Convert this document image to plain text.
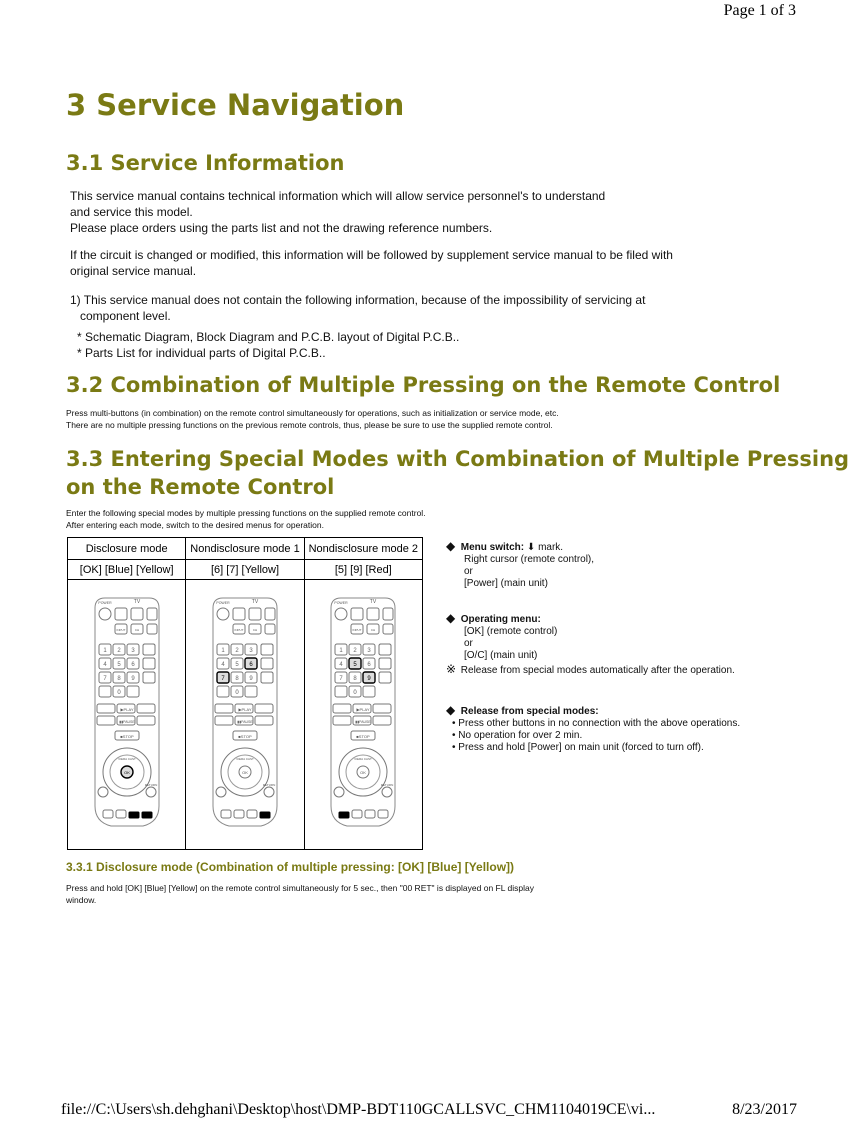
Page 1 of 3
3 Service Navigation
3.1 Service Information
This service manual contains technical information which will allow service personnel's to understand
and service this model.
Please place orders using the parts list and not the drawing reference numbers.
If the circuit is changed or modified, this information will be followed by supplement service manual to be filed with
original service manual.
1) This service manual does not contain the following information, because of the impossibility of servicing at
component level.
* Schematic Diagram, Block Diagram and P.C.B. layout of Digital P.C.B..
* Parts List for individual parts of Digital P.C.B..
3.2 Combination of Multiple Pressing on the Remote Control
Press multi-buttons (in combination) on the remote control simultaneously for operations, such as initialization or service mode, etc.
There are no multiple pressing functions on the previous remote controls, thus, please be sure to use the supplied remote control.
3.3 Entering Special Modes with Combination of Multiple Pressing
on the Remote Control
Enter the following special modes by multiple pressing functions on the supplied remote control.
After entering each mode, switch to the desired menus for operation.
Disclosure mode	Nondisclosure mode 1 Nondisclosure mode 2
[OK] [Blue] [Yellow]	[6] [7] [Yellow]	[5] [9] [Red]
POWER	TV
INPUT	CH
1 2 3
4 5 6
7 8 9
0
▶PLAY
▮▮PAUSE
■STOP
OK
VIERA CAST
RETURN
POWER	TV
INPUT	CH
1 2 3
4 5 6
7 8 9
0
▶PLAY
▮▮PAUSE
■STOP
OK
VIERA CAST
RETURN
POWER	TV
INPUT	CH
1 2 3
4 5 6
7 8 9
0
▶PLAY
▮▮PAUSE
■STOP
OK
VIERA CAST
RETURN
◆ Menu switch: ⬇ mark.
Right cursor (remote control),
or
[Power] (main unit)
◆ Operating menu:
[OK] (remote control)
or
[O/C] (main unit)
※ Release from special modes automatically after the operation.
◆ Release from special modes:
• Press other buttons in no connection with the above operations.
• No operation for over 2 min.
• Press and hold [Power] on main unit (forced to turn off).
3.3.1 Disclosure mode (Combination of multiple pressing: [OK] [Blue] [Yellow])
Press and hold [OK] [Blue] [Yellow] on the remote control simultaneously for 5 sec., then "00 RET" is displayed on FL display
window.
file://C:\Users\sh.dehghani\Desktop\host\DMP-BDT110GCALLSVC_CHM1104019CE\vi...	8/23/2017
